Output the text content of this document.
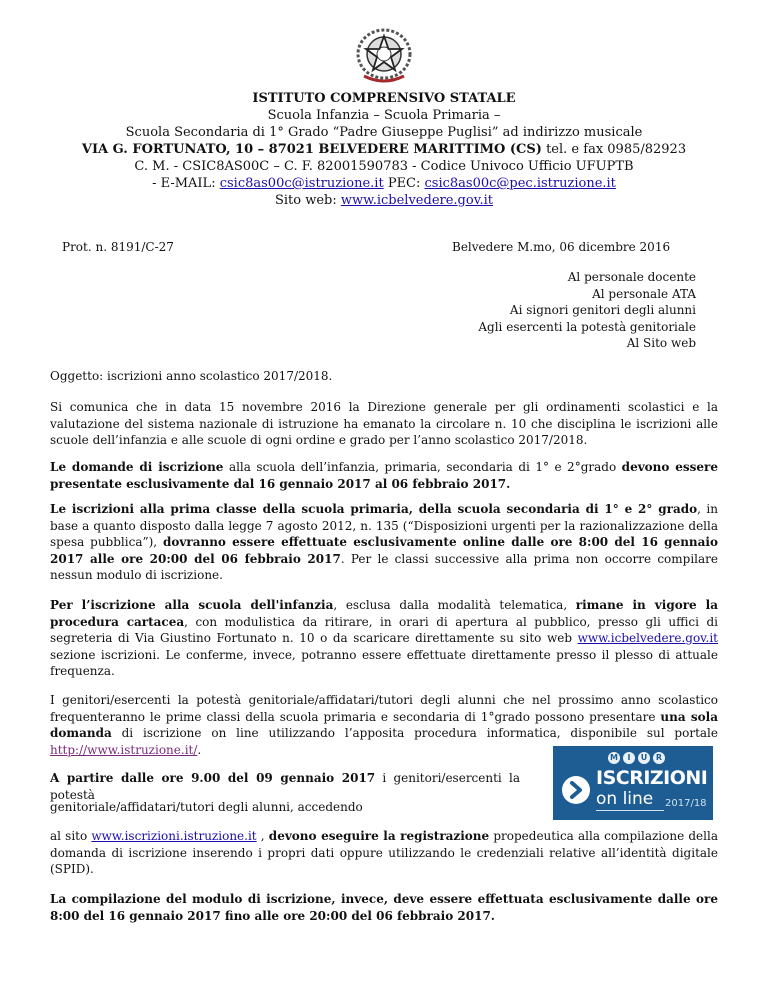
ISTITUTO COMPRENSIVO STATALE
Scuola Infanzia – Scuola Primaria –
Scuola Secondaria di 1° Grado “Padre Giuseppe Puglisi” ad indirizzo musicale
VIA G. FORTUNATO, 10 – 87021 BELVEDERE MARITTIMO (CS) tel. e fax 0985/82923
C. M. - CSIC8AS00C – C. F. 82001590783 - Codice Univoco Ufficio UFUPTB
- E-MAIL: csic8as00c@istruzione.it PEC: csic8as00c@pec.istruzione.it
Sito web: www.icbelvedere.gov.it
Prot. n. 8191/C-27	Belvedere M.mo, 06 dicembre 2016
Al personale docente
Al personale ATA
Ai signori genitori degli alunni
Agli esercenti la potestà genitoriale
Al Sito web
Oggetto: iscrizioni anno scolastico 2017/2018.
Si comunica che in data 15 novembre 2016 la Direzione generale per gli ordinamenti scolastici e la valutazione del sistema nazionale di istruzione ha emanato la circolare n. 10 che disciplina le iscrizioni alle scuole dell’infanzia e alle scuole di ogni ordine e grado per l’anno scolastico 2017/2018.
Le domande di iscrizione alla scuola dell’infanzia, primaria, secondaria di 1° e 2°grado devono essere presentate esclusivamente dal 16 gennaio 2017 al 06 febbraio 2017.
Le iscrizioni alla prima classe della scuola primaria, della scuola secondaria di 1° e 2° grado, in base a quanto disposto dalla legge 7 agosto 2012, n. 135 (“Disposizioni urgenti per la razionalizzazione della spesa pubblica”), dovranno essere effettuate esclusivamente online dalle ore 8:00 del 16 gennaio 2017 alle ore 20:00 del 06 febbraio 2017. Per le classi successive alla prima non occorre compilare nessun modulo di iscrizione.
Per l’iscrizione alla scuola dell'infanzia, esclusa dalla modalità telematica, rimane in vigore la procedura cartacea, con modulistica da ritirare, in orari di apertura al pubblico, presso gli uffici di segreteria di Via Giustino Fortunato n. 10 o da scaricare direttamente su sito web www.icbelvedere.gov.it sezione iscrizioni. Le conferme, invece, potranno essere effettuate direttamente presso il plesso di attuale frequenza.
I genitori/esercenti la potestà genitoriale/affidatari/tutori degli alunni che nel prossimo anno scolastico frequenteranno le prime classi della scuola primaria e secondaria di 1°grado possono presentare una sola domanda di iscrizione on line utilizzando l’apposita procedura informatica, disponibile sul portale http://www.istruzione.it/.
A partire dalle ore 9.00 del 09 gennaio 2017 i genitori/esercenti la potestà
genitoriale/affidatari/tutori degli alunni, accedendo
al sito www.iscrizioni.istruzione.it , devono eseguire la registrazione propedeutica alla compilazione della domanda di iscrizione inserendo i propri dati oppure utilizzando le credenziali relative all’identità digitale (SPID).
La compilazione del modulo di iscrizione, invece, deve essere effettuata esclusivamente dalle ore 8:00 del 16 gennaio 2017 fino alle ore 20:00 del 06 febbraio 2017.
M	I	U	R
ISCRIZIONI
on line 2017/18
